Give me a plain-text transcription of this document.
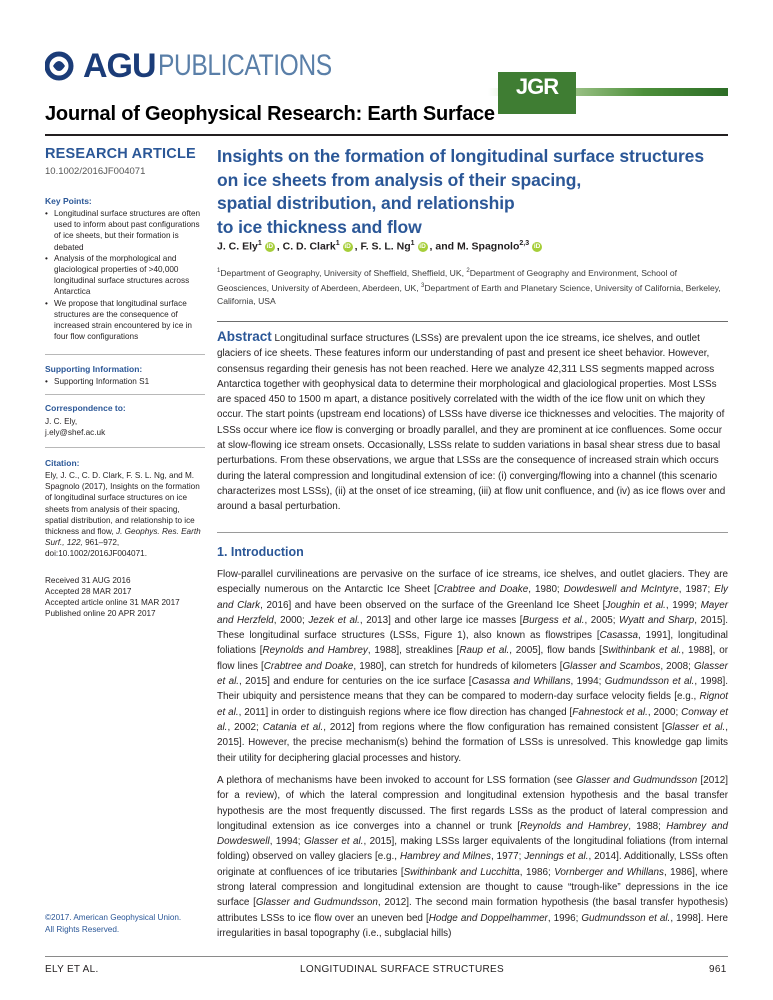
AGU PUBLICATIONS
JGR
Journal of Geophysical Research: Earth Surface
RESEARCH ARTICLE
10.1002/2016JF004071
Key Points:
• Longitudinal surface structures are often used to inform about past configurations of ice sheets, but their formation is debated
• Analysis of the morphological and glaciological properties of >40,000 longitudinal surface structures across Antarctica
• We propose that longitudinal surface structures are the consequence of increased strain encountered by ice in four flow configurations
Supporting Information:
• Supporting Information S1
Correspondence to:
J. C. Ely,
j.ely@shef.ac.uk
Citation:
Ely, J. C., C. D. Clark, F. S. L. Ng, and M. Spagnolo (2017), Insights on the formation of longitudinal surface structures on ice sheets from analysis of their spacing, spatial distribution, and relationship to ice thickness and flow, J. Geophys. Res. Earth Surf., 122, 961–972, doi:10.1002/2016JF004071.
Received 31 AUG 2016
Accepted 28 MAR 2017
Accepted article online 31 MAR 2017
Published online 20 APR 2017
©2017. American Geophysical Union.
All Rights Reserved.
Insights on the formation of longitudinal surface structures
on ice sheets from analysis of their spacing,
spatial distribution, and relationship
to ice thickness and flow
J. C. Ely$^1$ iD , C. D. Clark$^1$ iD , F. S. L. Ng$^1$ iD , and M. Spagnolo$^{2,3}$ iD
$^1$Department of Geography, University of Sheffield, Sheffield, UK, $^2$Department of Geography and Environment, School of Geosciences, University of Aberdeen, Aberdeen, UK, $^3$Department of Earth and Planetary Science, University of California, Berkeley, California, USA
Abstract Longitudinal surface structures (LSSs) are prevalent upon the ice streams, ice shelves, and outlet glaciers of ice sheets. These features inform our understanding of past and present ice sheet behavior. However, consensus regarding their genesis has not been reached. Here we analyze 42,311 LSS segments mapped across Antarctica together with geophysical data to determine their morphological and glaciological properties. Most LSSs are spaced 450 to 1500 m apart, a distance positively correlated with the width of the ice flow unit on which they occur. The start points (upstream end locations) of LSSs have diverse ice thicknesses and velocities. The majority of LSSs occur where ice flow is converging or broadly parallel, and they are prominent at ice confluences. Some occur at slow-flowing ice stream onsets. Occasionally, LSSs relate to sudden variations in basal shear stress due to basal perturbations. From these observations, we argue that LSSs are the consequence of increased strain which occurs during the lateral compression and longitudinal extension of ice: (i) converging/flowing into a channel (this scenario characterizes most LSSs), (ii) at the onset of ice streaming, (iii) at flow unit confluence, and (iv) as ice flows over and around a basal perturbation.
1. Introduction
Flow-parallel curvilineations are pervasive on the surface of ice streams, ice shelves, and outlet glaciers. They are especially numerous on the Antarctic Ice Sheet [Crabtree and Doake, 1980; Dowdeswell and McIntyre, 1987; Ely and Clark, 2016] and have been observed on the surface of the Greenland Ice Sheet [Joughin et al., 1999; Mayer and Herzfeld, 2000; Jezek et al., 2013] and other large ice masses [Burgess et al., 2005; Wyatt and Sharp, 2015]. These longitudinal surface structures (LSSs, Figure 1), also known as flowstripes [Casassa, 1991], longitudinal foliations [Reynolds and Hambrey, 1988], streaklines [Raup et al., 2005], flow bands [Swithinbank et al., 1988], or flow lines [Crabtree and Doake, 1980], can stretch for hundreds of kilometers [Glasser and Scambos, 2008; Glasser et al., 2015] and endure for centuries on the ice surface [Casassa and Whillans, 1994; Gudmundsson et al., 1998]. Their ubiquity and persistence means that they can be compared to modern-day surface velocity fields [e.g., Rignot et al., 2011] in order to distinguish regions where ice flow direction has changed [Fahnestock et al., 2000; Conway et al., 2002; Catania et al., 2012] from regions where the flow configuration has remained consistent [Glasser et al., 2015]. However, the precise mechanism(s) behind the formation of LSSs is unresolved. This knowledge gap limits their utility for deciphering glacial processes and history.
A plethora of mechanisms have been invoked to account for LSS formation (see Glasser and Gudmundsson [2012] for a review), of which the lateral compression and longitudinal extension hypothesis and the basal transfer hypothesis are the most frequently discussed. The first regards LSSs as the product of lateral compression and longitudinal extension as ice converges into a channel or trunk [Reynolds and Hambrey, 1988; Hambrey and Dowdeswell, 1994; Glasser et al., 2015], making LSSs larger equivalents of the longitudinal foliations (from internal folding) observed on valley glaciers [e.g., Hambrey and Milnes, 1977; Jennings et al., 2014]. Additionally, LSSs often originate at confluences of ice tributaries [Swithinbank and Lucchitta, 1986; Vornberger and Whillans, 1986], where strong lateral compression and longitudinal extension are thought to cause “trough-like” depressions in the ice surface [Glasser and Gudmundsson, 2012]. The second main formation hypothesis (the basal transfer hypothesis) attributes LSSs to ice flow over an uneven bed [Hodge and Doppelhammer, 1996; Gudmundsson et al., 1998]. Here irregularities in basal topography (i.e., subglacial hills)
ELY ET AL.	LONGITUDINAL SURFACE STRUCTURES	961
